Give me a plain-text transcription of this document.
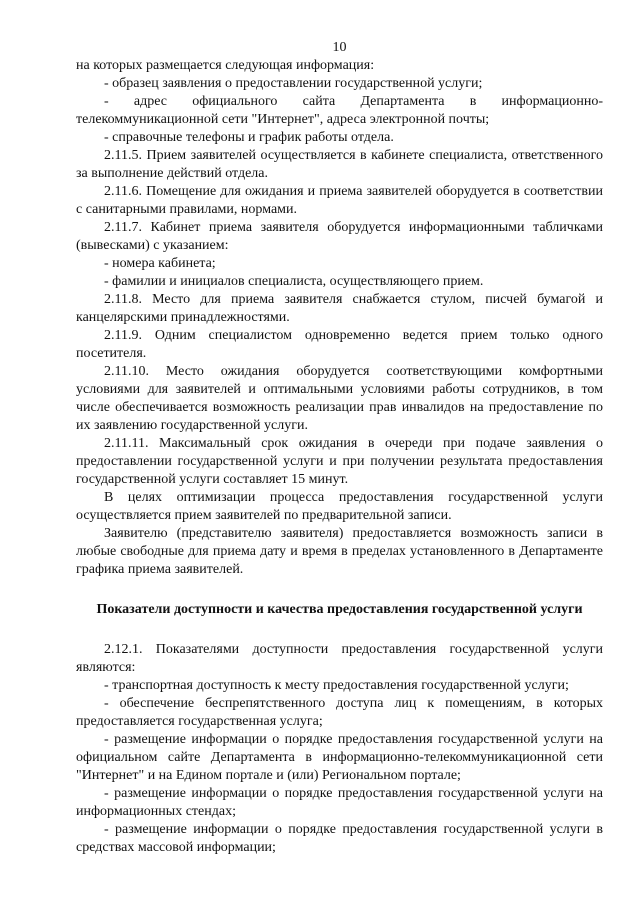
10

на которых размещается следующая информация:

- образец заявления о предоставлении государственной услуги;

- адрес официального сайта Департамента в информационно-телекоммуникационной сети "Интернет", адреса электронной почты;

- справочные телефоны и график работы отдела.

2.11.5. Прием заявителей осуществляется в кабинете специалиста, ответственного за выполнение действий отдела.

2.11.6. Помещение для ожидания и приема заявителей оборудуется в соответствии с санитарными правилами, нормами.

2.11.7. Кабинет приема заявителя оборудуется информационными табличками (вывесками) с указанием:

- номера кабинета;

- фамилии и инициалов специалиста, осуществляющего прием.

2.11.8. Место для приема заявителя снабжается стулом, писчей бумагой и канцелярскими принадлежностями.

2.11.9. Одним специалистом одновременно ведется прием только одного посетителя.

2.11.10. Место ожидания оборудуется соответствующими комфортными условиями для заявителей и оптимальными условиями работы сотрудников, в том числе обеспечивается возможность реализации прав инвалидов на предоставление по их заявлению государственной услуги.

2.11.11. Максимальный срок ожидания в очереди при подаче заявления о предоставлении государственной услуги и при получении результата предоставления государственной услуги составляет 15 минут.

В целях оптимизации процесса предоставления государственной услуги осуществляется прием заявителей по предварительной записи.

Заявителю (представителю заявителя) предоставляется возможность записи в любые свободные для приема дату и время в пределах установленного в Департаменте графика приема заявителей.

Показатели доступности и качества предоставления государственной услуги

2.12.1. Показателями доступности предоставления государственной услуги являются:

- транспортная доступность к месту предоставления государственной услуги;

- обеспечение беспрепятственного доступа лиц к помещениям, в которых предоставляется государственная услуга;

- размещение информации о порядке предоставления государственной услуги на официальном сайте Департамента в информационно-телекоммуникационной сети "Интернет" и на Едином портале и (или) Региональном портале;

- размещение информации о порядке предоставления государственной услуги на информационных стендах;

- размещение информации о порядке предоставления государственной услуги в средствах массовой информации;
